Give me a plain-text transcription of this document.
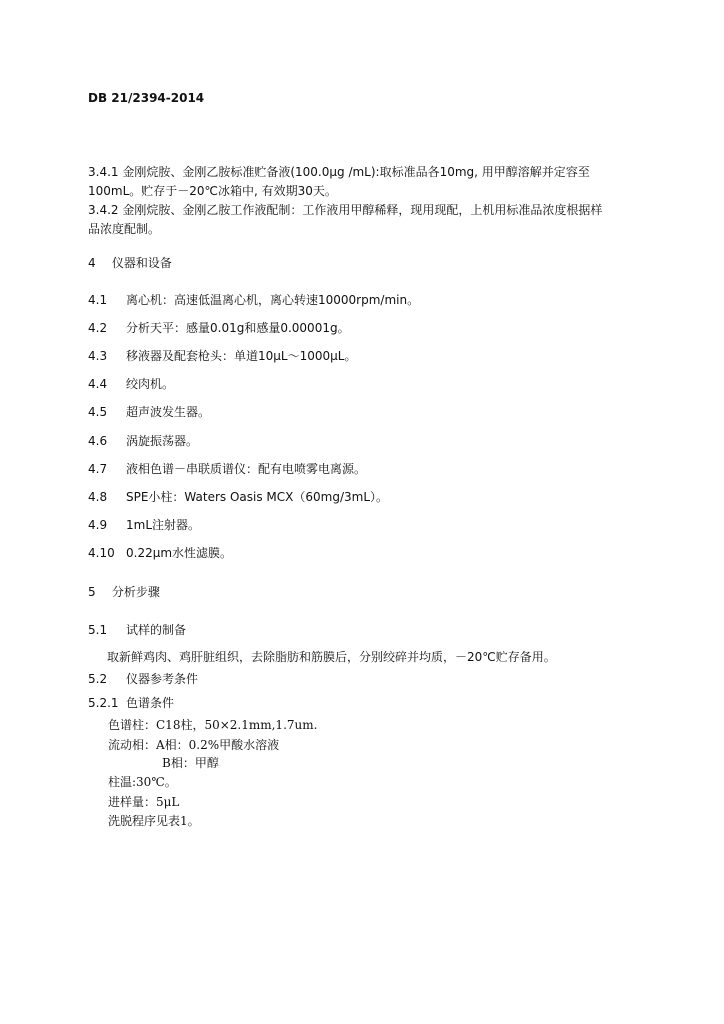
DB 21/2394-2014
3.4.1 金刚烷胺、金刚乙胺标准贮备液(100.0μg /mL):取标准品各10mg, 用甲醇溶解并定容至
100mL。贮存于－20℃冰箱中, 有效期30天。
3.4.2 金刚烷胺、金刚乙胺工作液配制：工作液用甲醇稀释，现用现配，上机用标准品浓度根据样
品浓度配制。
4 仪器和设备
4.1 离心机：高速低温离心机，离心转速10000rpm/min。
4.2 分析天平：感量0.01g和感量0.00001g。
4.3 移液器及配套枪头：单道10μL～1000μL。
4.4 绞肉机。
4.5 超声波发生器。
4.6 涡旋振荡器。
4.7 液相色谱－串联质谱仪：配有电喷雾电离源。
4.8 SPE小柱：Waters Oasis MCX（60mg/3mL）。
4.9 1mL注射器。
4.10 0.22μm水性滤膜。
5 分析步骤
5.1 试样的制备
取新鲜鸡肉、鸡肝脏组织，去除脂肪和筋膜后，分别绞碎并均质，－20℃贮存备用。
5.2 仪器参考条件
5.2.1 色谱条件
色谱柱：C18柱，50×2.1mm,1.7um.
流动相：A相：0.2%甲酸水溶液
B相：甲醇
柱温:30℃。
进样量：5μL
洗脱程序见表1。
